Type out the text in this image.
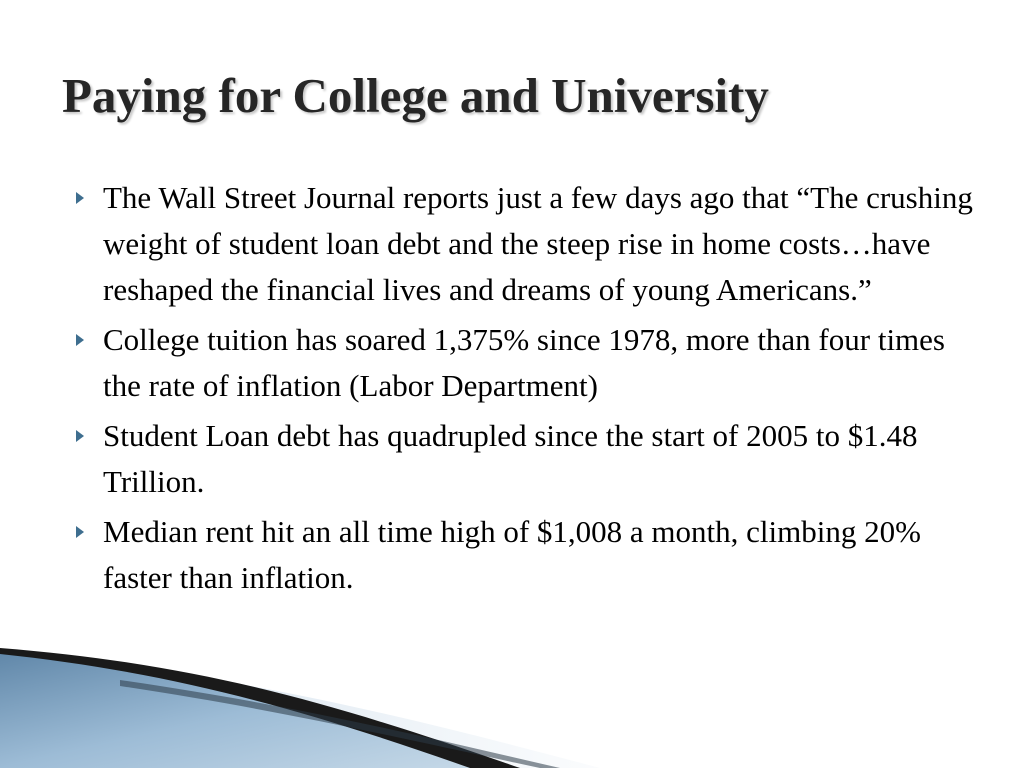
Paying for College and University
The Wall Street Journal reports just a few days ago that “The crushing weight of student loan debt and the steep rise in home costs…have reshaped the financial lives and dreams of young Americans.”
College tuition has soared 1,375% since 1978, more than four times the rate of inflation (Labor Department)
Student Loan debt has quadrupled since the start of 2005 to $1.48 Trillion.
Median rent hit an all time high of $1,008 a month, climbing 20% faster than inflation.
